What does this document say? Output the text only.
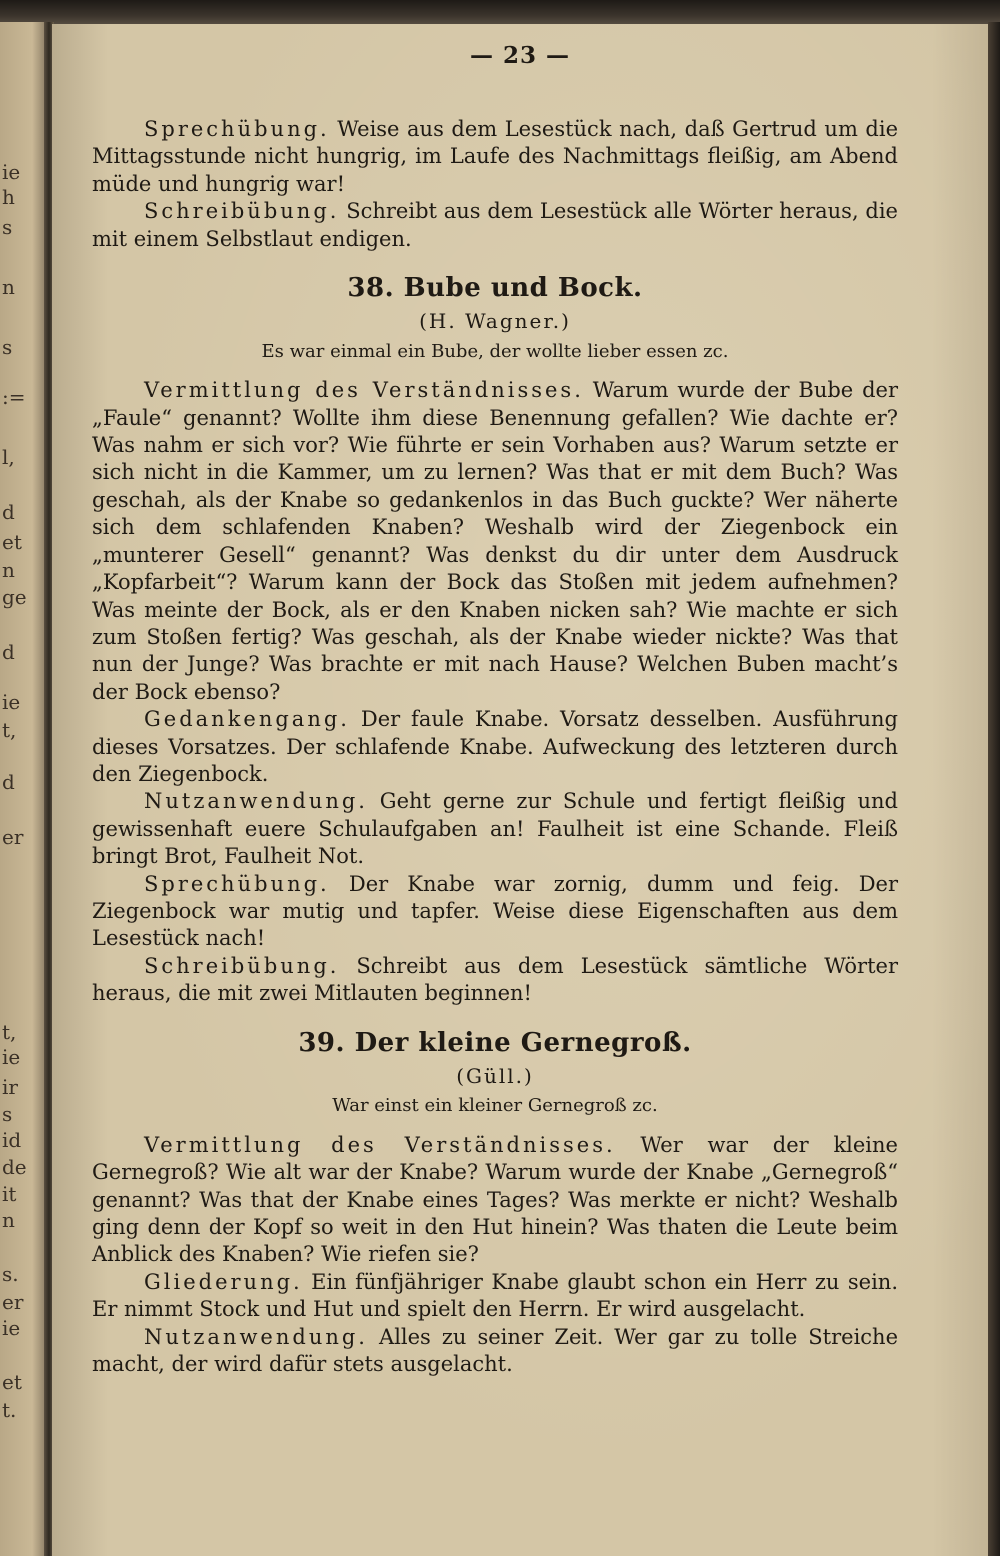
ie
h
s
n
s
:=
l,
d
et
n
ge
d
ie
t,
d
er
t,
ie
ir
s
id
de
it
n
s.
er
ie
et
t.
— 23 —

Sprechübung. Weise aus dem Lesestück nach, daß Gertrud um die Mittagsstunde nicht hungrig, im Laufe des Nachmittags fleißig, am Abend müde und hungrig war!

Schreibübung. Schreibt aus dem Lesestück alle Wörter heraus, die mit einem Selbstlaut endigen.

38. Bube und Bock.
(H. Wagner.)
Es war einmal ein Bube, der wollte lieber essen zc.

Vermittlung des Verständnisses. Warum wurde der Bube der „Faule“ genannt? Wollte ihm diese Benennung gefallen? Wie dachte er? Was nahm er sich vor? Wie führte er sein Vorhaben aus? Warum setzte er sich nicht in die Kammer, um zu lernen? Was that er mit dem Buch? Was geschah, als der Knabe so gedankenlos in das Buch guckte? Wer näherte sich dem schlafenden Knaben? Weshalb wird der Ziegenbock ein „munterer Gesell“ genannt? Was denkst du dir unter dem Ausdruck „Kopfarbeit“? Warum kann der Bock das Stoßen mit jedem aufnehmen? Was meinte der Bock, als er den Knaben nicken sah? Wie machte er sich zum Stoßen fertig? Was geschah, als der Knabe wieder nickte? Was that nun der Junge? Was brachte er mit nach Hause? Welchen Buben macht’s der Bock ebenso?

Gedankengang. Der faule Knabe. Vorsatz desselben. Ausführung dieses Vorsatzes. Der schlafende Knabe. Aufweckung des letzteren durch den Ziegenbock.

Nutzanwendung. Geht gerne zur Schule und fertigt fleißig und gewissenhaft euere Schulaufgaben an! Faulheit ist eine Schande. Fleiß bringt Brot, Faulheit Not.

Sprechübung. Der Knabe war zornig, dumm und feig. Der Ziegenbock war mutig und tapfer. Weise diese Eigenschaften aus dem Lesestück nach!

Schreibübung. Schreibt aus dem Lesestück sämtliche Wörter heraus, die mit zwei Mitlauten beginnen!

39. Der kleine Gernegroß.
(Güll.)
War einst ein kleiner Gernegroß zc.

Vermittlung des Verständnisses. Wer war der kleine Gernegroß? Wie alt war der Knabe? Warum wurde der Knabe „Gernegroß“ genannt? Was that der Knabe eines Tages? Was merkte er nicht? Weshalb ging denn der Kopf so weit in den Hut hinein? Was thaten die Leute beim Anblick des Knaben? Wie riefen sie?

Gliederung. Ein fünfjähriger Knabe glaubt schon ein Herr zu sein. Er nimmt Stock und Hut und spielt den Herrn. Er wird ausgelacht.

Nutzanwendung. Alles zu seiner Zeit. Wer gar zu tolle Streiche macht, der wird dafür stets ausgelacht.
